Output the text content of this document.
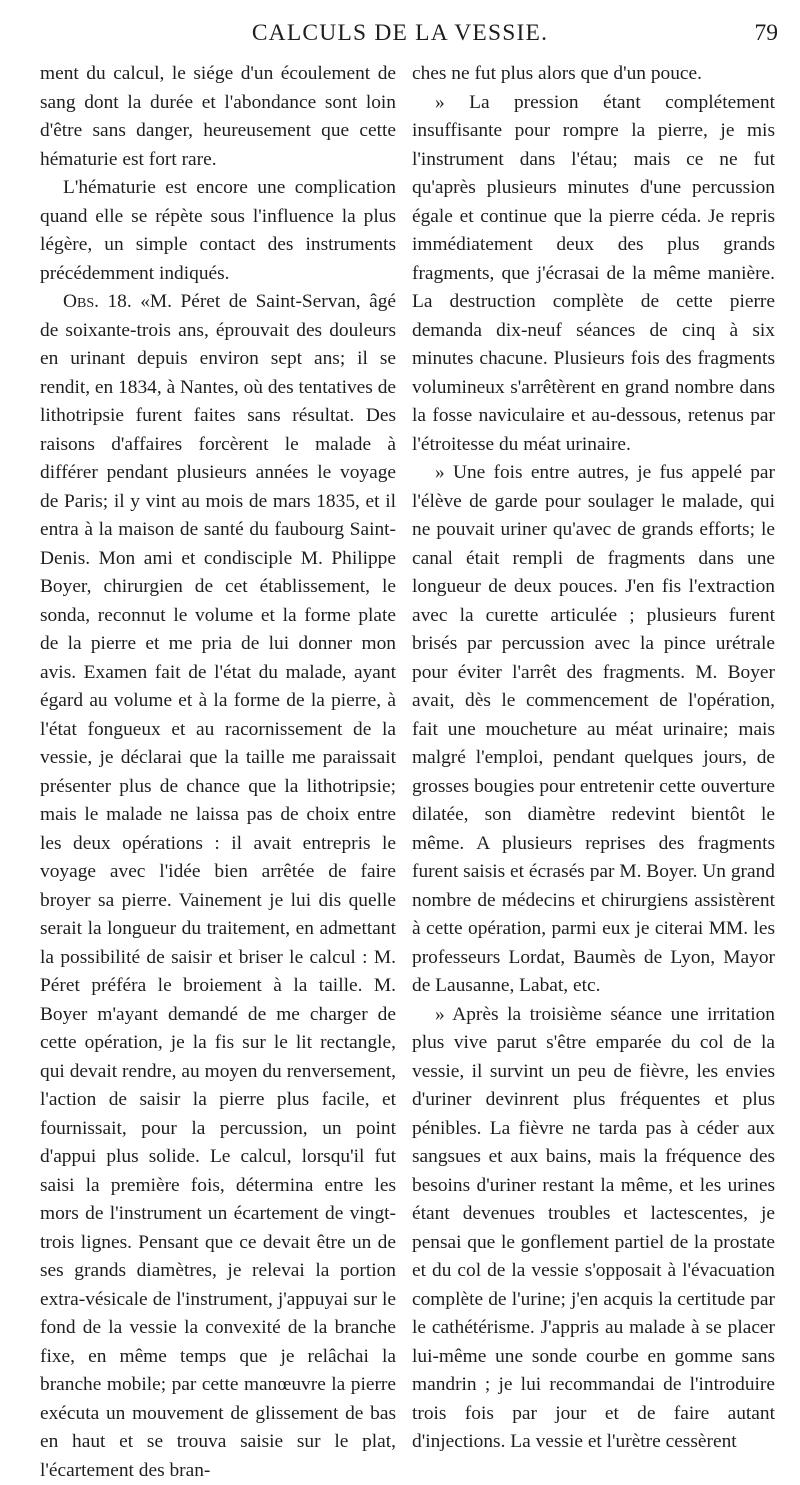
CALCULS DE LA VESSIE.	79

ment du calcul, le siége d'un écoulement de sang dont la durée et l'abondance sont loin d'être sans danger, heureusement que cette hématurie est fort rare.

L'hématurie est encore une complication quand elle se répète sous l'influence la plus légère, un simple contact des instruments précédemment indiqués.

Obs. 18. «M. Péret de Saint-Servan, âgé de soixante-trois ans, éprouvait des douleurs en urinant depuis environ sept ans; il se rendit, en 1834, à Nantes, où des tentatives de lithotripsie furent faites sans résultat. Des raisons d'affaires forcèrent le malade à différer pendant plusieurs années le voyage de Paris; il y vint au mois de mars 1835, et il entra à la maison de santé du faubourg Saint-Denis. Mon ami et condisciple M. Philippe Boyer, chirurgien de cet établissement, le sonda, reconnut le volume et la forme plate de la pierre et me pria de lui donner mon avis. Examen fait de l'état du malade, ayant égard au volume et à la forme de la pierre, à l'état fongueux et au racornissement de la vessie, je déclarai que la taille me paraissait présenter plus de chance que la lithotripsie; mais le malade ne laissa pas de choix entre les deux opérations : il avait entrepris le voyage avec l'idée bien arrêtée de faire broyer sa pierre. Vainement je lui dis quelle serait la longueur du traitement, en admettant la possibilité de saisir et briser le calcul : M. Péret préféra le broiement à la taille. M. Boyer m'ayant demandé de me charger de cette opération, je la fis sur le lit rectangle, qui devait rendre, au moyen du renversement, l'action de saisir la pierre plus facile, et fournissait, pour la percussion, un point d'appui plus solide. Le calcul, lorsqu'il fut saisi la première fois, détermina entre les mors de l'instrument un écartement de vingt-trois lignes. Pensant que ce devait être un de ses grands diamètres, je relevai la portion extra-vésicale de l'instrument, j'appuyai sur le fond de la vessie la convexité de la branche fixe, en même temps que je relâchai la branche mobile; par cette manœuvre la pierre exécuta un mouvement de glissement de bas en haut et se trouva saisie sur le plat, l'écartement des bran-

ches ne fut plus alors que d'un pouce.

» La pression étant complétement insuffisante pour rompre la pierre, je mis l'instrument dans l'étau; mais ce ne fut qu'après plusieurs minutes d'une percussion égale et continue que la pierre céda. Je repris immédiatement deux des plus grands fragments, que j'écrasai de la même manière. La destruction complète de cette pierre demanda dix-neuf séances de cinq à six minutes chacune. Plusieurs fois des fragments volumineux s'arrêtèrent en grand nombre dans la fosse naviculaire et au-dessous, retenus par l'étroitesse du méat urinaire.

» Une fois entre autres, je fus appelé par l'élève de garde pour soulager le malade, qui ne pouvait uriner qu'avec de grands efforts; le canal était rempli de fragments dans une longueur de deux pouces. J'en fis l'extraction avec la curette articulée ; plusieurs furent brisés par percussion avec la pince urétrale pour éviter l'arrêt des fragments. M. Boyer avait, dès le commencement de l'opération, fait une moucheture au méat urinaire; mais malgré l'emploi, pendant quelques jours, de grosses bougies pour entretenir cette ouverture dilatée, son diamètre redevint bientôt le même. A plusieurs reprises des fragments furent saisis et écrasés par M. Boyer. Un grand nombre de médecins et chirurgiens assistèrent à cette opération, parmi eux je citerai MM. les professeurs Lordat, Baumès de Lyon, Mayor de Lausanne, Labat, etc.

» Après la troisième séance une irritation plus vive parut s'être emparée du col de la vessie, il survint un peu de fièvre, les envies d'uriner devinrent plus fréquentes et plus pénibles. La fièvre ne tarda pas à céder aux sangsues et aux bains, mais la fréquence des besoins d'uriner restant la même, et les urines étant devenues troubles et lactescentes, je pensai que le gonflement partiel de la prostate et du col de la vessie s'opposait à l'évacuation complète de l'urine; j'en acquis la certitude par le cathétérisme. J'appris au malade à se placer lui-même une sonde courbe en gomme sans mandrin ; je lui recommandai de l'introduire trois fois par jour et de faire autant d'injections. La vessie et l'urètre cessèrent
